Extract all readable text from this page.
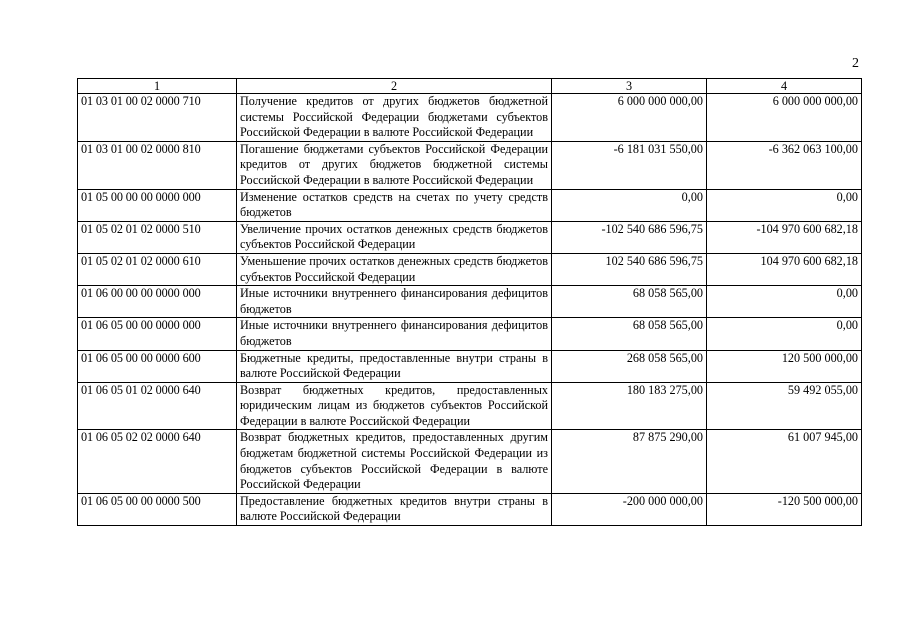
2
1	2	3	4
01 03 01 00 02 0000 710	Получение кредитов от других бюджетов бюджетной системы Российской Федерации бюджетами субъектов Российской Федерации в валюте Российской Федерации	6 000 000 000,00	6 000 000 000,00
01 03 01 00 02 0000 810	Погашение бюджетами субъектов Российской Федерации кредитов от других бюджетов бюджетной системы Российской Федерации в валюте Российской Федерации	-6 181 031 550,00	-6 362 063 100,00
01 05 00 00 00 0000 000	Изменение остатков средств на счетах по учету средств бюджетов	0,00	0,00
01 05 02 01 02 0000 510	Увеличение прочих остатков денежных средств бюджетов субъектов Российской Федерации	-102 540 686 596,75	-104 970 600 682,18
01 05 02 01 02 0000 610	Уменьшение прочих остатков денежных средств бюджетов субъектов Российской Федерации	102 540 686 596,75	104 970 600 682,18
01 06 00 00 00 0000 000	Иные источники внутреннего финансирования дефицитов бюджетов	68 058 565,00	0,00
01 06 05 00 00 0000 000	Иные источники внутреннего финансирования дефицитов бюджетов	68 058 565,00	0,00
01 06 05 00 00 0000 600	Бюджетные кредиты, предоставленные внутри страны в валюте Российской Федерации	268 058 565,00	120 500 000,00
01 06 05 01 02 0000 640	Возврат бюджетных кредитов, предоставленных юридическим лицам из бюджетов субъектов Российской Федерации в валюте Российской Федерации	180 183 275,00	59 492 055,00
01 06 05 02 02 0000 640	Возврат бюджетных кредитов, предоставленных другим бюджетам бюджетной системы Российской Федерации из бюджетов субъектов Российской Федерации в валюте Российской Федерации	87 875 290,00	61 007 945,00
01 06 05 00 00 0000 500	Предоставление бюджетных кредитов внутри страны в валюте Российской Федерации	-200 000 000,00	-120 500 000,00
